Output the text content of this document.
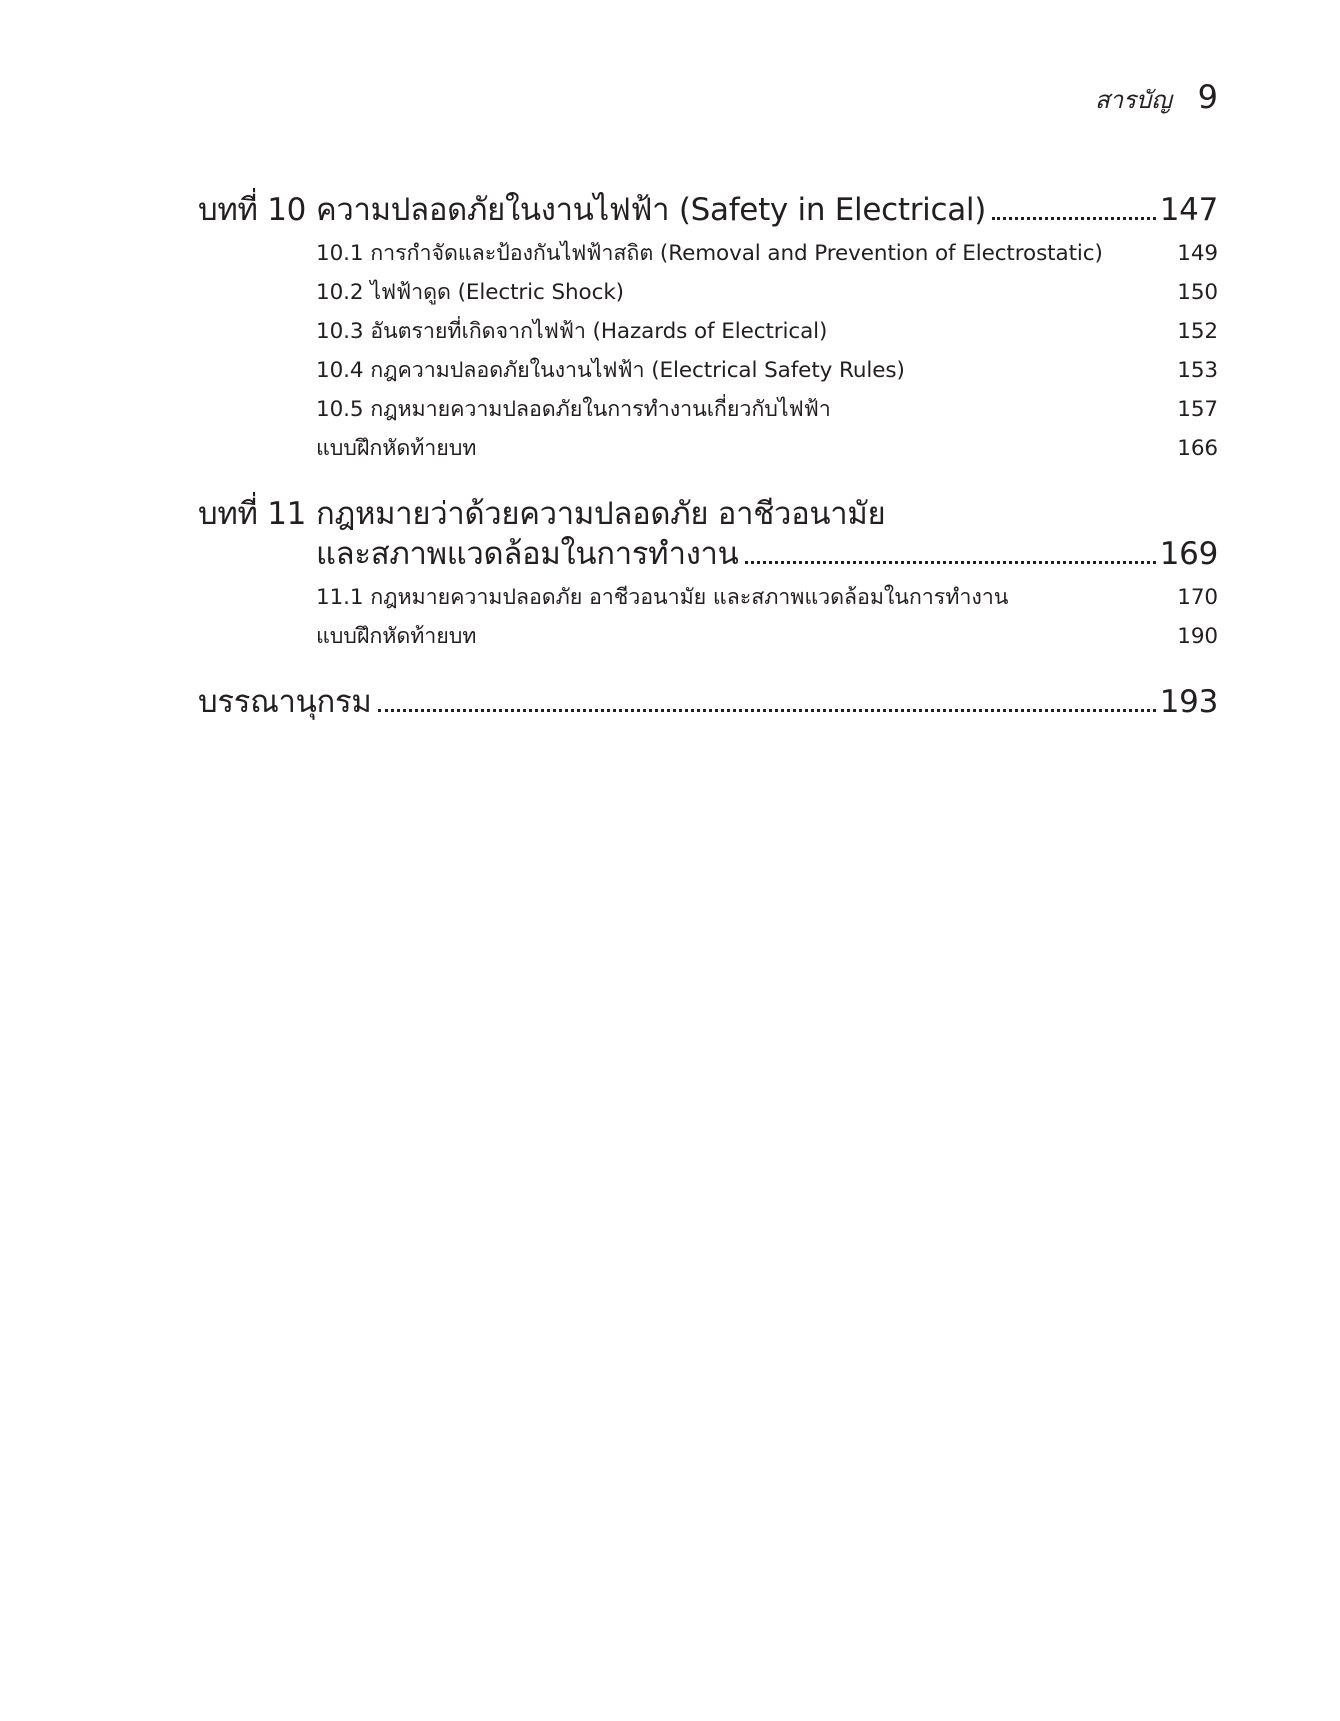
สารบัญ 9
บทที่ 10 ความปลอดภัยในงานไฟฟ้า (Safety in Electrical)	147
10.1 การกำจัดและป้องกันไฟฟ้าสถิต (Removal and Prevention of Electrostatic)	149
10.2 ไฟฟ้าดูด (Electric Shock)	150
10.3 อันตรายที่เกิดจากไฟฟ้า (Hazards of Electrical)	152
10.4 กฎความปลอดภัยในงานไฟฟ้า (Electrical Safety Rules)	153
10.5 กฎหมายความปลอดภัยในการทำงานเกี่ยวกับไฟฟ้า	157
แบบฝึกหัดท้ายบท	166
บทที่ 11 กฎหมายว่าด้วยความปลอดภัย อาชีวอนามัย
และสภาพแวดล้อมในการทำงาน	169
11.1 กฎหมายความปลอดภัย อาชีวอนามัย และสภาพแวดล้อมในการทำงาน	170
แบบฝึกหัดท้ายบท	190
บรรณานุกรม	193
